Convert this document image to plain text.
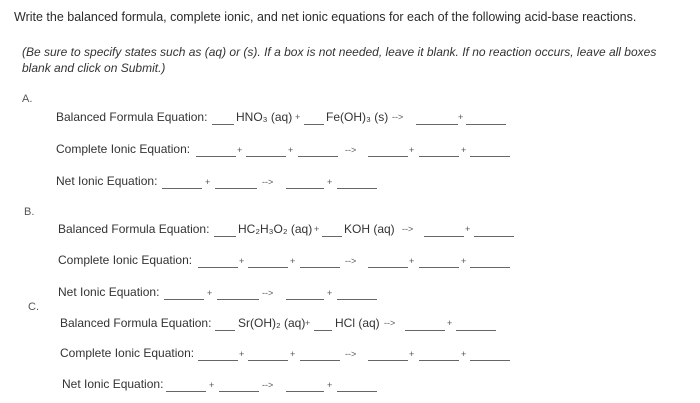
Write the balanced formula, complete ionic, and net ionic equations for each of the following acid-base reactions.
(Be sure to specify states such as (aq) or (s). If a box is not needed, leave it blank. If no reaction occurs, leave all boxes blank and click on Submit.)
A.
Balanced Formula Equation: HNO₃ (aq) + Fe(OH)₃ (s) -->	+
Complete Ionic Equation:	+	+	-->	+	+
Net Ionic Equation:	+	-->	+
B.
Balanced Formula Equation: HC₂H₃O₂ (aq) + KOH (aq) -->	+
Complete Ionic Equation:	+	+	-->	+	+
Net Ionic Equation:	+	-->	+
C.
Balanced Formula Equation: Sr(OH)₂ (aq) + HCl (aq) -->	+
Complete Ionic Equation:	+	+	-->	+	+
Net Ionic Equation:	+	-->	+
